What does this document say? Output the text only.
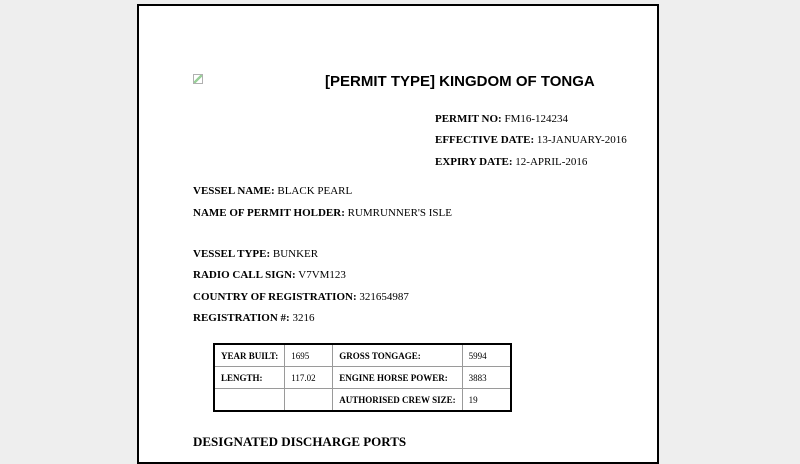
[PERMIT TYPE] KINGDOM OF TONGA
PERMIT NO: FM16-124234
EFFECTIVE DATE: 13-JANUARY-2016
EXPIRY DATE: 12-APRIL-2016
VESSEL NAME: BLACK PEARL
NAME OF PERMIT HOLDER: RUMRUNNER'S ISLE
VESSEL TYPE: BUNKER
RADIO CALL SIGN: V7VM123
COUNTRY OF REGISTRATION: 321654987
REGISTRATION #: 3216
YEAR BUILT:	1695	GROSS TONGAGE:	5994
LENGTH:	117.02	ENGINE HORSE POWER:	3883
		AUTHORISED CREW SIZE:	19
DESIGNATED DISCHARGE PORTS
